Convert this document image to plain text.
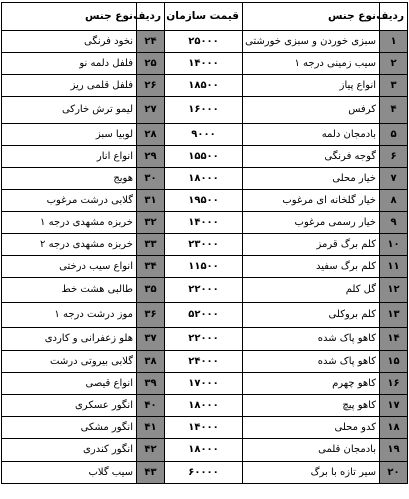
ردیف	نوع جنس	قیمت سازمان	ردیف	نوع جنس
۱	سبزی خوردن و سبزی خورشتی	۲۵۰۰۰	۲۴	نخود فرنگی
۲	سیب زمینی درجه ۱	۱۴۰۰۰	۲۵	فلفل دلمه نو
۳	انواع پیاز	۱۸۵۰۰	۲۶	فلفل قلمی ریز
۴	کرفس	۱۶۰۰۰	۲۷	لیمو ترش خارکی
۵	بادمجان دلمه	۹۰۰۰	۲۸	لوبیا سبز
۶	گوجه فرنگی	۱۵۵۰۰	۲۹	انواع انار
۷	خیار محلی	۱۸۰۰۰	۳۰	هویج
۸	خیار گلخانه ای مرغوب	۱۹۵۰۰	۳۱	گلابی درشت مرغوب
۹	خیار رسمی مرغوب	۱۴۰۰۰	۳۲	خربزه مشهدی درجه ۱
۱۰	کلم برگ قرمز	۲۳۰۰۰	۳۳	خربزه مشهدی درجه ۲
۱۱	کلم برگ سفید	۱۱۵۰۰	۳۴	انواع سیب درختی
۱۲	گل کلم	۲۲۰۰۰	۳۵	طالبی هشت خط
۱۳	کلم بروکلی	۵۲۰۰۰	۳۶	موز درشت درجه ۱
۱۴	کاهو پاک شده	۲۲۰۰۰	۳۷	هلو زعفرانی و کاردی
۱۵	کاهو پاک شده	۲۴۰۰۰	۳۸	گلابی بیروتی درشت
۱۶	کاهو چهرم	۱۷۰۰۰	۳۹	انواع قیصی
۱۷	کاهو پیچ	۱۸۰۰۰	۴۰	انگور عسکری
۱۸	کدو محلی	۱۴۰۰۰	۴۱	انگور مشکی
۱۹	بادمجان قلمی	۱۸۰۰۰	۴۲	انگور کندری
۲۰	سیر تازه با برگ	۶۰۰۰۰	۴۳	سیب گلاب
